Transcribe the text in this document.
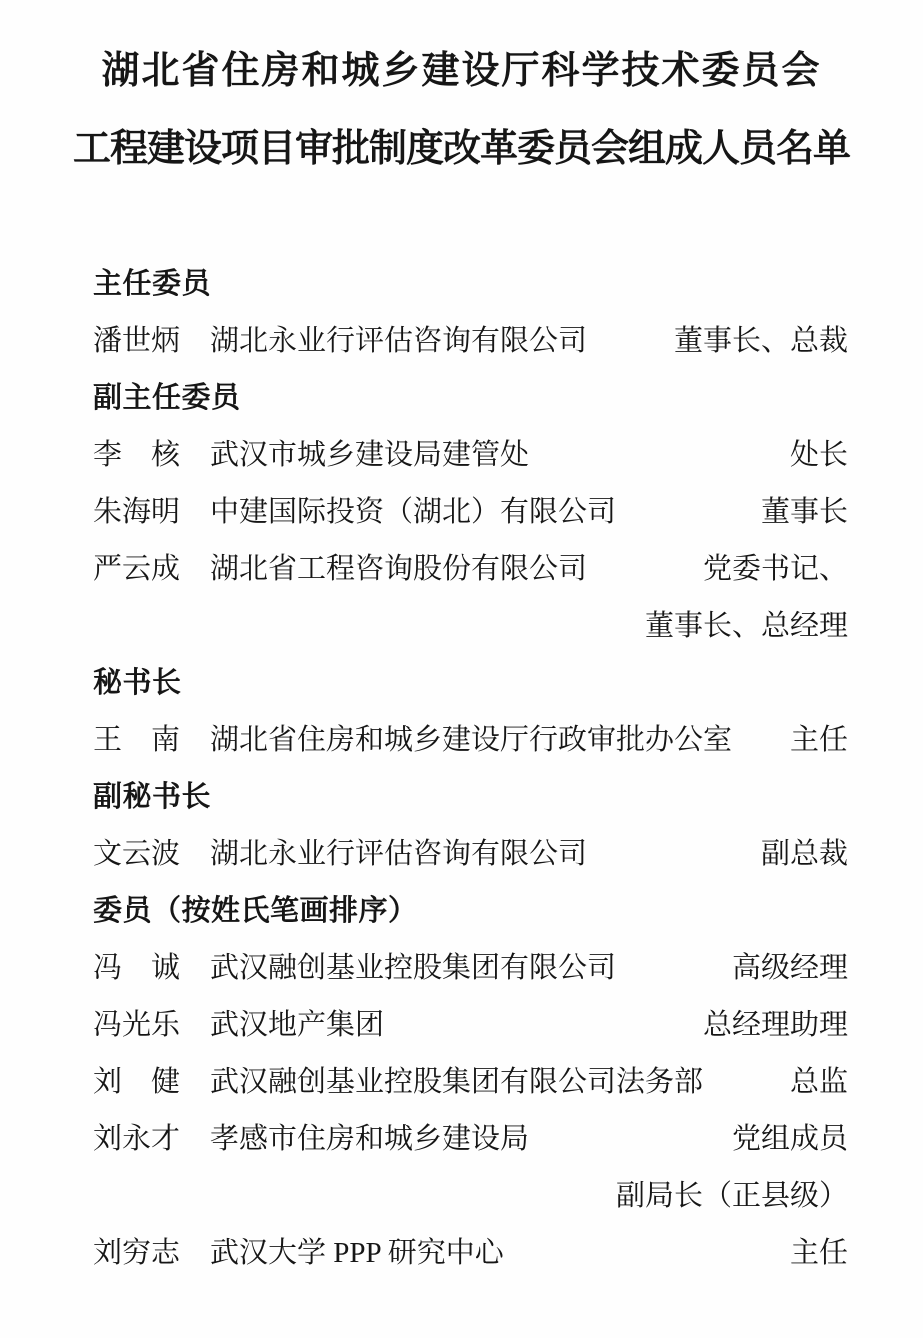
湖北省住房和城乡建设厅科学技术委员会
工程建设项目审批制度改革委员会组成人员名单
主任委员
潘世炳 湖北永业行评估咨询有限公司	董事长、总裁
副主任委员
李　核 武汉市城乡建设局建管处	处长
朱海明 中建国际投资（湖北）有限公司	董事长
严云成 湖北省工程咨询股份有限公司	党委书记、
董事长、总经理
秘书长
王　南 湖北省住房和城乡建设厅行政审批办公室	主任
副秘书长
文云波 湖北永业行评估咨询有限公司	副总裁
委员（按姓氏笔画排序）
冯　诚 武汉融创基业控股集团有限公司	高级经理
冯光乐 武汉地产集团	总经理助理
刘　健 武汉融创基业控股集团有限公司法务部	总监
刘永才 孝感市住房和城乡建设局	党组成员
副局长（正县级）
刘穷志 武汉大学 PPP 研究中心	主任
